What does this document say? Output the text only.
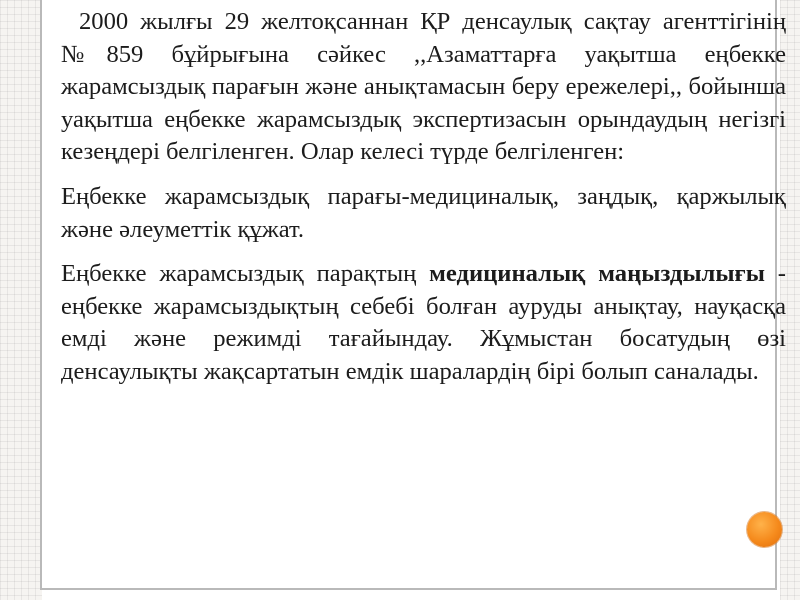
2000 жылғы 29 желтоқсаннан ҚР денсаулық сақтау агенттігінің №859 бұйрығына сәйкес ,,Азаматтарға уақытша еңбекке жарамсыздық парағын және анықтамасын беру ережелері,, бойынша уақытша еңбекке жарамсыздық экспертизасын орындаудың негізгі кезеңдері белгіленген. Олар келесі түрде белгіленген:

Еңбекке жарамсыздық парағы-медициналық, заңдық, қаржылық және әлеуметтік құжат.

Еңбекке жарамсыздық парақтың медициналық маңыздылығы - еңбекке жарамсыздықтың себебі болған ауруды анықтау, науқасқа емді және режимді тағайындау. Жұмыстан босатудың өзі денсаулықты жақсартатын емдік шаралардің бірі болып саналады.
